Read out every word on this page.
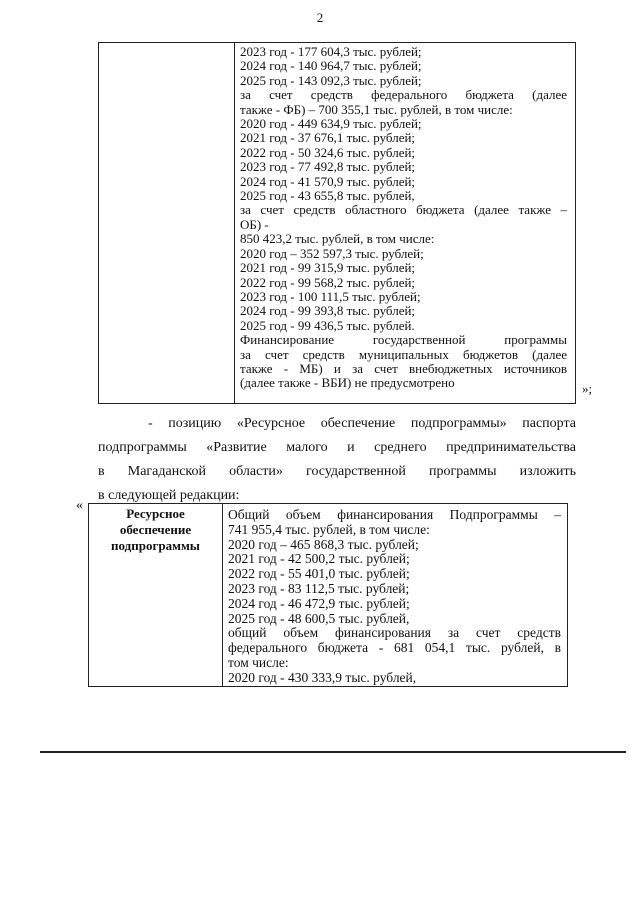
2
2023 год - 177 604,3 тыс. рублей;
2024 год - 140 964,7 тыс. рублей;
2025 год - 143 092,3 тыс. рублей;
за счет средств федерального бюджета (далее
также - ФБ) – 700 355,1 тыс. рублей, в том числе:
2020 год - 449 634,9 тыс. рублей;
2021 год - 37 676,1 тыс. рублей;
2022 год - 50 324,6 тыс. рублей;
2023 год - 77 492,8 тыс. рублей;
2024 год - 41 570,9 тыс. рублей;
2025 год - 43 655,8 тыс. рублей,
за счет средств областного бюджета (далее также –
ОБ) -
850 423,2 тыс. рублей, в том числе:
2020 год – 352 597,3 тыс. рублей;
2021 год - 99 315,9 тыс. рублей;
2022 год - 99 568,2 тыс. рублей;
2023 год - 100 111,5 тыс. рублей;
2024 год - 99 393,8 тыс. рублей;
2025 год - 99 436,5 тыс. рублей.
Финансирование государственной программы
за счет средств муниципальных бюджетов (далее
также - МБ) и за счет внебюджетных источников
(далее также - ВБИ) не предусмотрено	»;
- позицию «Ресурсное обеспечение подпрограммы» паспорта
подпрограммы «Развитие малого и среднего предпринимательства
в Магаданской области» государственной программы изложить
в следующей редакции:
«
Ресурсное обеспечение подпрограммы
Общий объем финансирования Подпрограммы –
741 955,4 тыс. рублей, в том числе:
2020 год – 465 868,3 тыс. рублей;
2021 год - 42 500,2 тыс. рублей;
2022 год - 55 401,0 тыс. рублей;
2023 год - 83 112,5 тыс. рублей;
2024 год - 46 472,9 тыс. рублей;
2025 год - 48 600,5 тыс. рублей,
общий объем финансирования за счет средств
федерального бюджета - 681 054,1 тыс. рублей, в
том числе:
2020 год - 430 333,9 тыс. рублей,
